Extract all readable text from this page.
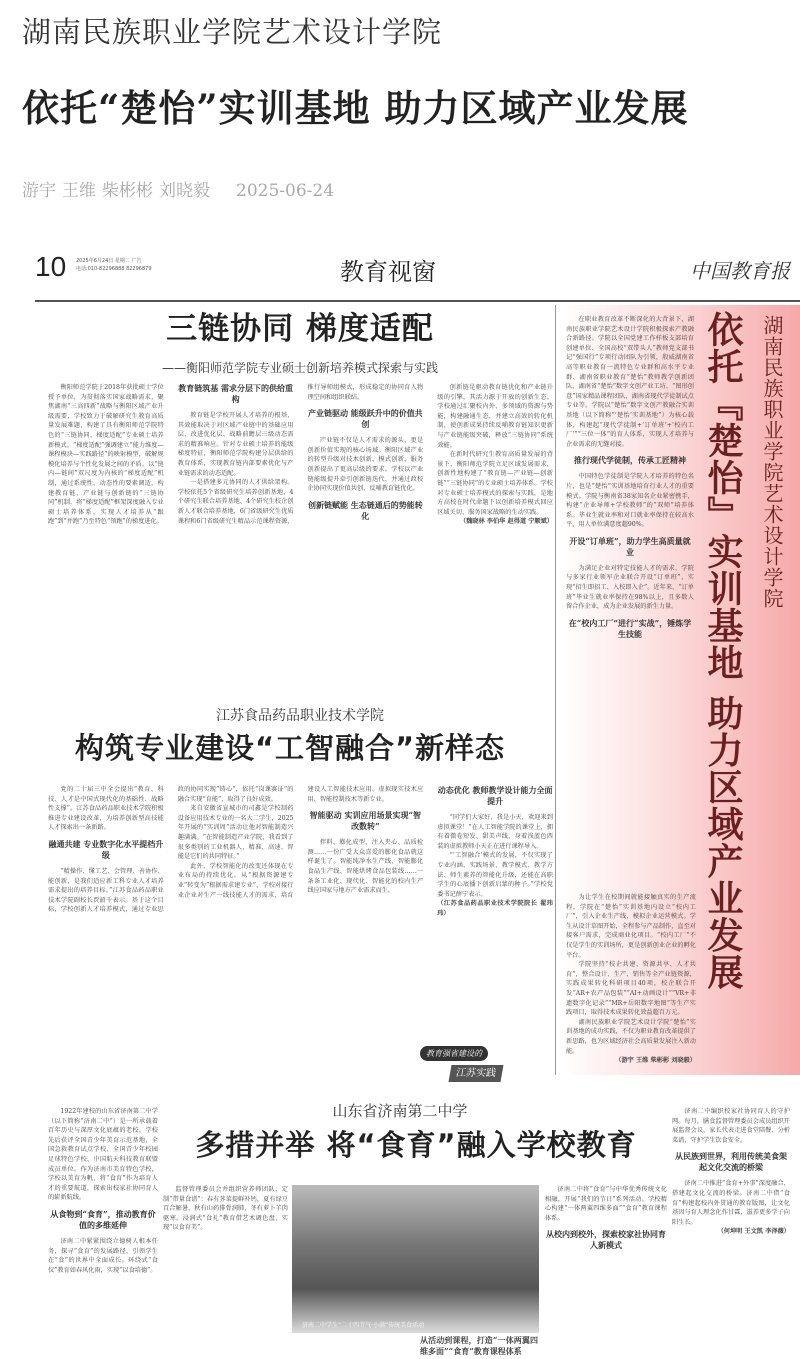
湖南民族职业学院艺术设计学院
依托“楚怡”实训基地 助力区域产业发展
游宇 王维 柴彬彬 刘晓毅 2025-06-24
10 2025年6月24日 星期二 广告
电话:010-82296888 82296879	教育视窗	中国教育报
三链协同 梯度适配
——衡阳师范学院专业硕士创新培养模式探索与实践

衡阳师范学院于2018年获批硕士学位授予单位，为贯彻落实国家战略需求，聚焦湖南“三高四新”战略与衡阳区域产业升级需要，学校致力于破解研究生教育高质量发展难题，构建了具有衡阳师范学院特色的“三链协同、梯度适配”专业硕士培养新模式。“梯度适配”强调建立“能力维度—课程模块—实践路径”的映射模型，破解规模化培养与个性化发展之间的矛盾。以“链内—链间”双尺度为内核的“梯度适配”机制，通过系统性、动态性的要素调适，构建教育链、产业链与创新链的“三链协同”机制，将“梯度适配”框架深度融入专业硕士培养体系，实现人才培养从“跟跑”到“并跑”乃至特色“领跑”的梯度进化。

教育链筑基 需求分层下的供给重构

教育链是学校开展人才培养的根基，其效能取决于对区域产业链中的基础应用层、改进优化层、战略前瞻层三级动态需求的精准响应。针对专业硕士培养的能级梯度特征，衡阳师范学院构建分层供给的教育体系，实现教育链内部要素优化与产业链需求的动态适配。

一是搭建多元协同的人才供给架构。学校依托5个省级研究生培养创新基地、4个研究生联合培养基地、4个研究生校企创新人才联合培养基地，6门省级研究生优质课程和6门省级研究生精品示范课程资源，推行导师组模式，形成稳定的协同育人物理空间和组织联结。

产业链驱动 能级跃升中的价值共创

产业链不仅是人才需求的源头，更是创新价值实现的核心场域。衡阳区域产业的转型升级对技术创新、模式创新、服务创新提出了更高层级的要求。学校以产业链能级提升牵引创新链迭代，并通过政校企协同实现价值共创，反哺教育链优化。

创新链赋能 生态链通后的势能转化

创新链是驱动教育链优化和产业链升级的引擎，其活力源于开放的创新生态。学校通过汇聚校内外、多领域的资源与势能，构建融通生态，并建立高效的转化机制，使创新成果持续反哺教育链知识更新与产业链能级突破，释放“三链协同”系统效能。

在新时代研究生教育高质量发展的背景下，衡阳师范学院立足区域发展需求，创新性地构建了“教育链—产业链—创新链”“三链协同”的专业硕士培养体系。学校对专业硕士培养模式的探索与实践，是地方高校在时代命题下以创新培养模式回应区域关切、服务国家战略的生动实践。

（魏晓林 李伯华 赵得道 宁顺斌）
江苏食品药品职业技术学院
构筑专业建设“工智融合”新样态

党的二十届三中全会提出“教育、科技、人才是中国式现代化的基础性、战略性支撑”。江苏食品药品职业技术学院积极推进专业建设改革，为培养创新型高技能人才探索出一条新路。

融通共建 专业数字化水平提档升级

“精操作、懂工艺、会管理、善协作、能创新，是我们适应新工科专业人才培养需求提出的培养目标。”江苏食品药品职业技术学院副校长贾韶千表示。基于这个目标，学校创新人才培养模式，通过专业思政的协同实现“铸心”，依托“岗课赛证”的融合实现“育能”，取得了良好成效。

来自安徽省宣城市的司鑫是学校制药设备应用技术专业的一名大二学生，2025年开展的“实训周”活动让他对智能制造兴趣满满。“在智能制造产业学院，我看到了很多类别的工业机器人，精准、高速、智能是它们的共同特征。”

此外，学校智能化的改变还体现在专业布局的持续优化。从“根据资源建专业”转变为“根据需求建专业”，学校对接行业企业对生产一线技能人才的需求，培育建设人工智能技术应用、虚拟现实技术应用、智能控制技术等新专业。

智能驱动 实训应用场景实现“智改数转”

拌料、膨化成型、注入夹心、品质检测……一份广受大众喜爱的膨化食品就这样诞生了。智能纯净水生产线、智能膨化食品生产线、智能烘烤食品包装线……一条条工业化、现代化、智能化的校内生产线应国家与地方产业需求而生。

动态优化 教师教学设计能力全面提升

“同学们大家好，我是小天，欢迎来到虚拟课堂！”在人工智能学院的课堂上，拥有着微卷短发、甜美声线，身着浅蓝色西装的虚拟教师小天正在进行课程导入。

“‘工智融合’模式的发展，不仅实现了专业内涵、实践场景、教学模式、教学方法、师生素养的智能化升级，还能在高职学生的心底播下创新启蒙的种子。”学校党委书记薛宁表示。

（江苏食品药品职业技术学院院长 翟玮玮）
教育强省建设的
江苏实践
依托『楚怡』实训基地 助力区域产业发展 湖南民族职业学院艺术设计学院

在职业教育改革不断深化的大背景下，湖南民族职业学院艺术设计学院积极探索产教融合新路径。学院以全国党建工作样板支部培育创建单位、全国高校“双带头人”教师党支部书记“强国行”专项行动团队为引领，殷威湖南省高等职业教育一流特色专业群和高水平专业群、湖南省职业教育“楚怡”教师教学创新团队、湖南省“楚怡”数字文创产业工坊、“图形创意”国家精品课程团队、湖南省现代学徒制试点专业等。学院以“楚怡”数字文创产教融合实训基地（以下简称“‘楚怡’实训基地”）为核心载体，构建起“现代学徒制+‘订单班’+‘校内工厂’”“三位一体”的育人体系，实现人才培养与企业需求的无缝对接。

推行现代学徒制，传承工匠精神

中国特色学徒制是学院人才培养的特色名片，也是“楚怡”实训基地培育行业人才的重要模式。学院与衡南省38家知名企业紧密携手，构建“企业导师+学校教师”的“双师”培养体系。毕业生就业率和对口就业率保持在较高水平，用人单位满意度超90%。

开设“订单班”，助力学生高质量就业

为满足企业对特定技能人才的需求，学院与多家行业领军企业联合开设“订单班”，实现“招生即招工、入校即入企”。近年来，“订单班”毕业生就业率保持在98%以上，且多数人留合作企业，成为企业发展的新生力量。

在“校内工厂”进行“实战”，锤炼学生技能

为让学生在校期间就能接触真实的生产流程，学院在“楚怡”实训基地内设立“校内工厂”，引入企业生产线，模拟企业运营模式。学生从设计草图开始，全程参与产品制作，直至对接客户需求，完成商业化项目。“校内工厂”不仅是学生的实训场所，更是创新创业企业的孵化平台。

学院坚持“校企共建、资源共享、人才共育”，整合设计、生产、销售等全产业链资源，实践成果转化科研项目40项，校企联合开发“AR+农产品包装”“AI+动画设计”“VR+非遗数字化记录”“MR+岳阳数字地图”等生产实践项目，取得技术成果转化效益超百万元。

湖南民族职业学院艺术设计学院“楚怡”实训基地的成功实践，不仅为职业教育改革提供了新思路，也为区域经济社会高质量发展注入新动能。

（游宇 王维 柴彬彬 刘晓毅）
山东省济南第二中学
多措并举 将“食育”融入学校教育

1922年建校的山东省济南第二中学（以下简称“济南二中”）是一所承载着百年历史与深厚文化底蕴的老校。学校先后获评全国青少年美育示范基地、全国急救教育试点学校、全国青少年校园足球特色学校、中国航天科技教育联盟成员单位。作为济南市美育特色学校，学校以美育为帆，将“食育”作为培育人才的重要航道，探索出校家社协同育人的崭新航线。

从食物到“食育”，推动教育价值的多维延伸

济南二中紧紧围绕立德树人根本任务，探寻“食育”的发展路径，引领学生在“食”的世界中全面成长。环绕式“食仪”教育如春风化雨，实现“以食培德”。

监督管理委员会并组织营养师团队，定制“带量食谱”：春有荠菜提鲜补钙，夏有绿豆百合解暑，秋有山药排骨润肺，冬有萝卜羊肉驱寒。浸润式“食礼”教育借艺术调色盘，实现“以食育美”。

济南二中学生“二十四节气·小满”传统美食活动
从活动到课程，打造“一体两翼四维多面”“食育”教育课程体系

济南二中将“食育”与中华优秀传统文化相融，开展“我们的节日”系列活动。学校精心构建“一体两翼四维多面”“食育”教育课程体系。

从校内到校外，探索校家社协同育人新模式

济南二中编织校家社协同育人的守护网。每月，膳食监督管理委员会成员组织开展监督会议，家长代表走进食堂陪餐、分析菜谱，守护学生饮食安全。

从民族到世界，利用传统美食架起文化交流的桥梁

济南二中推进“食育+外事”深度融合，搭建起文化交流的桥梁。济南二中借“食育”构建起校内外贯通的教育版图，让文化基因与育人理念化作甘霖，滋养更多学子向阳生长。

（何坤明 王文凯 李泽薇）
